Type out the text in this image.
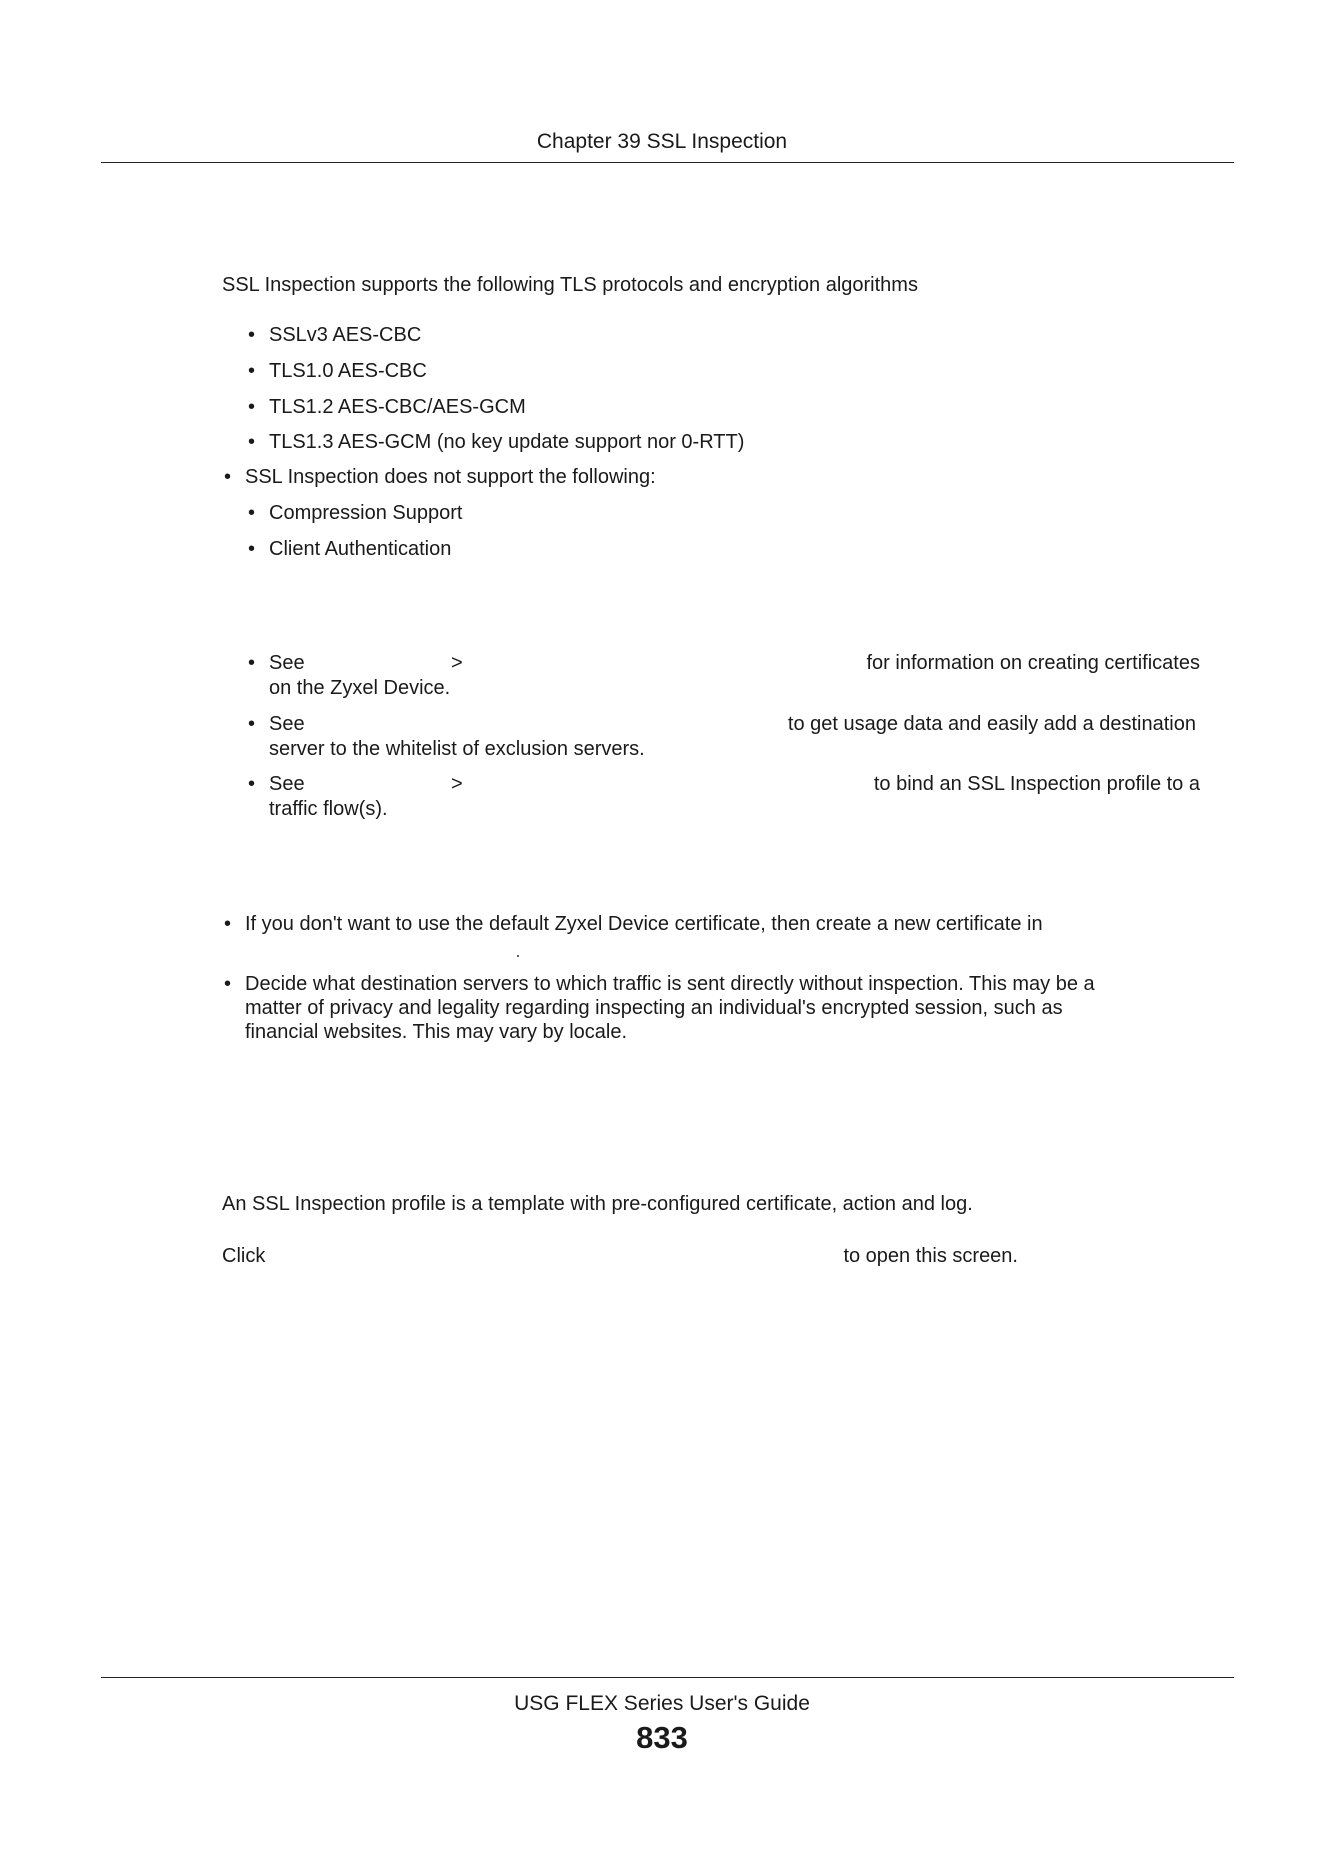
Chapter 39 SSL Inspection
SSL Inspection supports the following TLS protocols and encryption algorithms
• SSLv3 AES-CBC
• TLS1.0 AES-CBC
• TLS1.2 AES-CBC/AES-GCM
• TLS1.3 AES-GCM (no key update support nor 0-RTT)
• SSL Inspection does not support the following:
• Compression Support
• Client Authentication
• See	>	for information on creating certificates
on the Zyxel Device.
• See	to get usage data and easily add a destination
server to the whitelist of exclusion servers.
• See	>	to bind an SSL Inspection profile to a
traffic flow(s).
• If you don't want to use the default Zyxel Device certificate, then create a new certificate in
• Decide what destination servers to which traffic is sent directly without inspection. This may be a
matter of privacy and legality regarding inspecting an individual's encrypted session, such as
financial websites. This may vary by locale.
An SSL Inspection profile is a template with pre-configured certificate, action and log.
Click	to open this screen.
USG FLEX Series User's Guide
833
